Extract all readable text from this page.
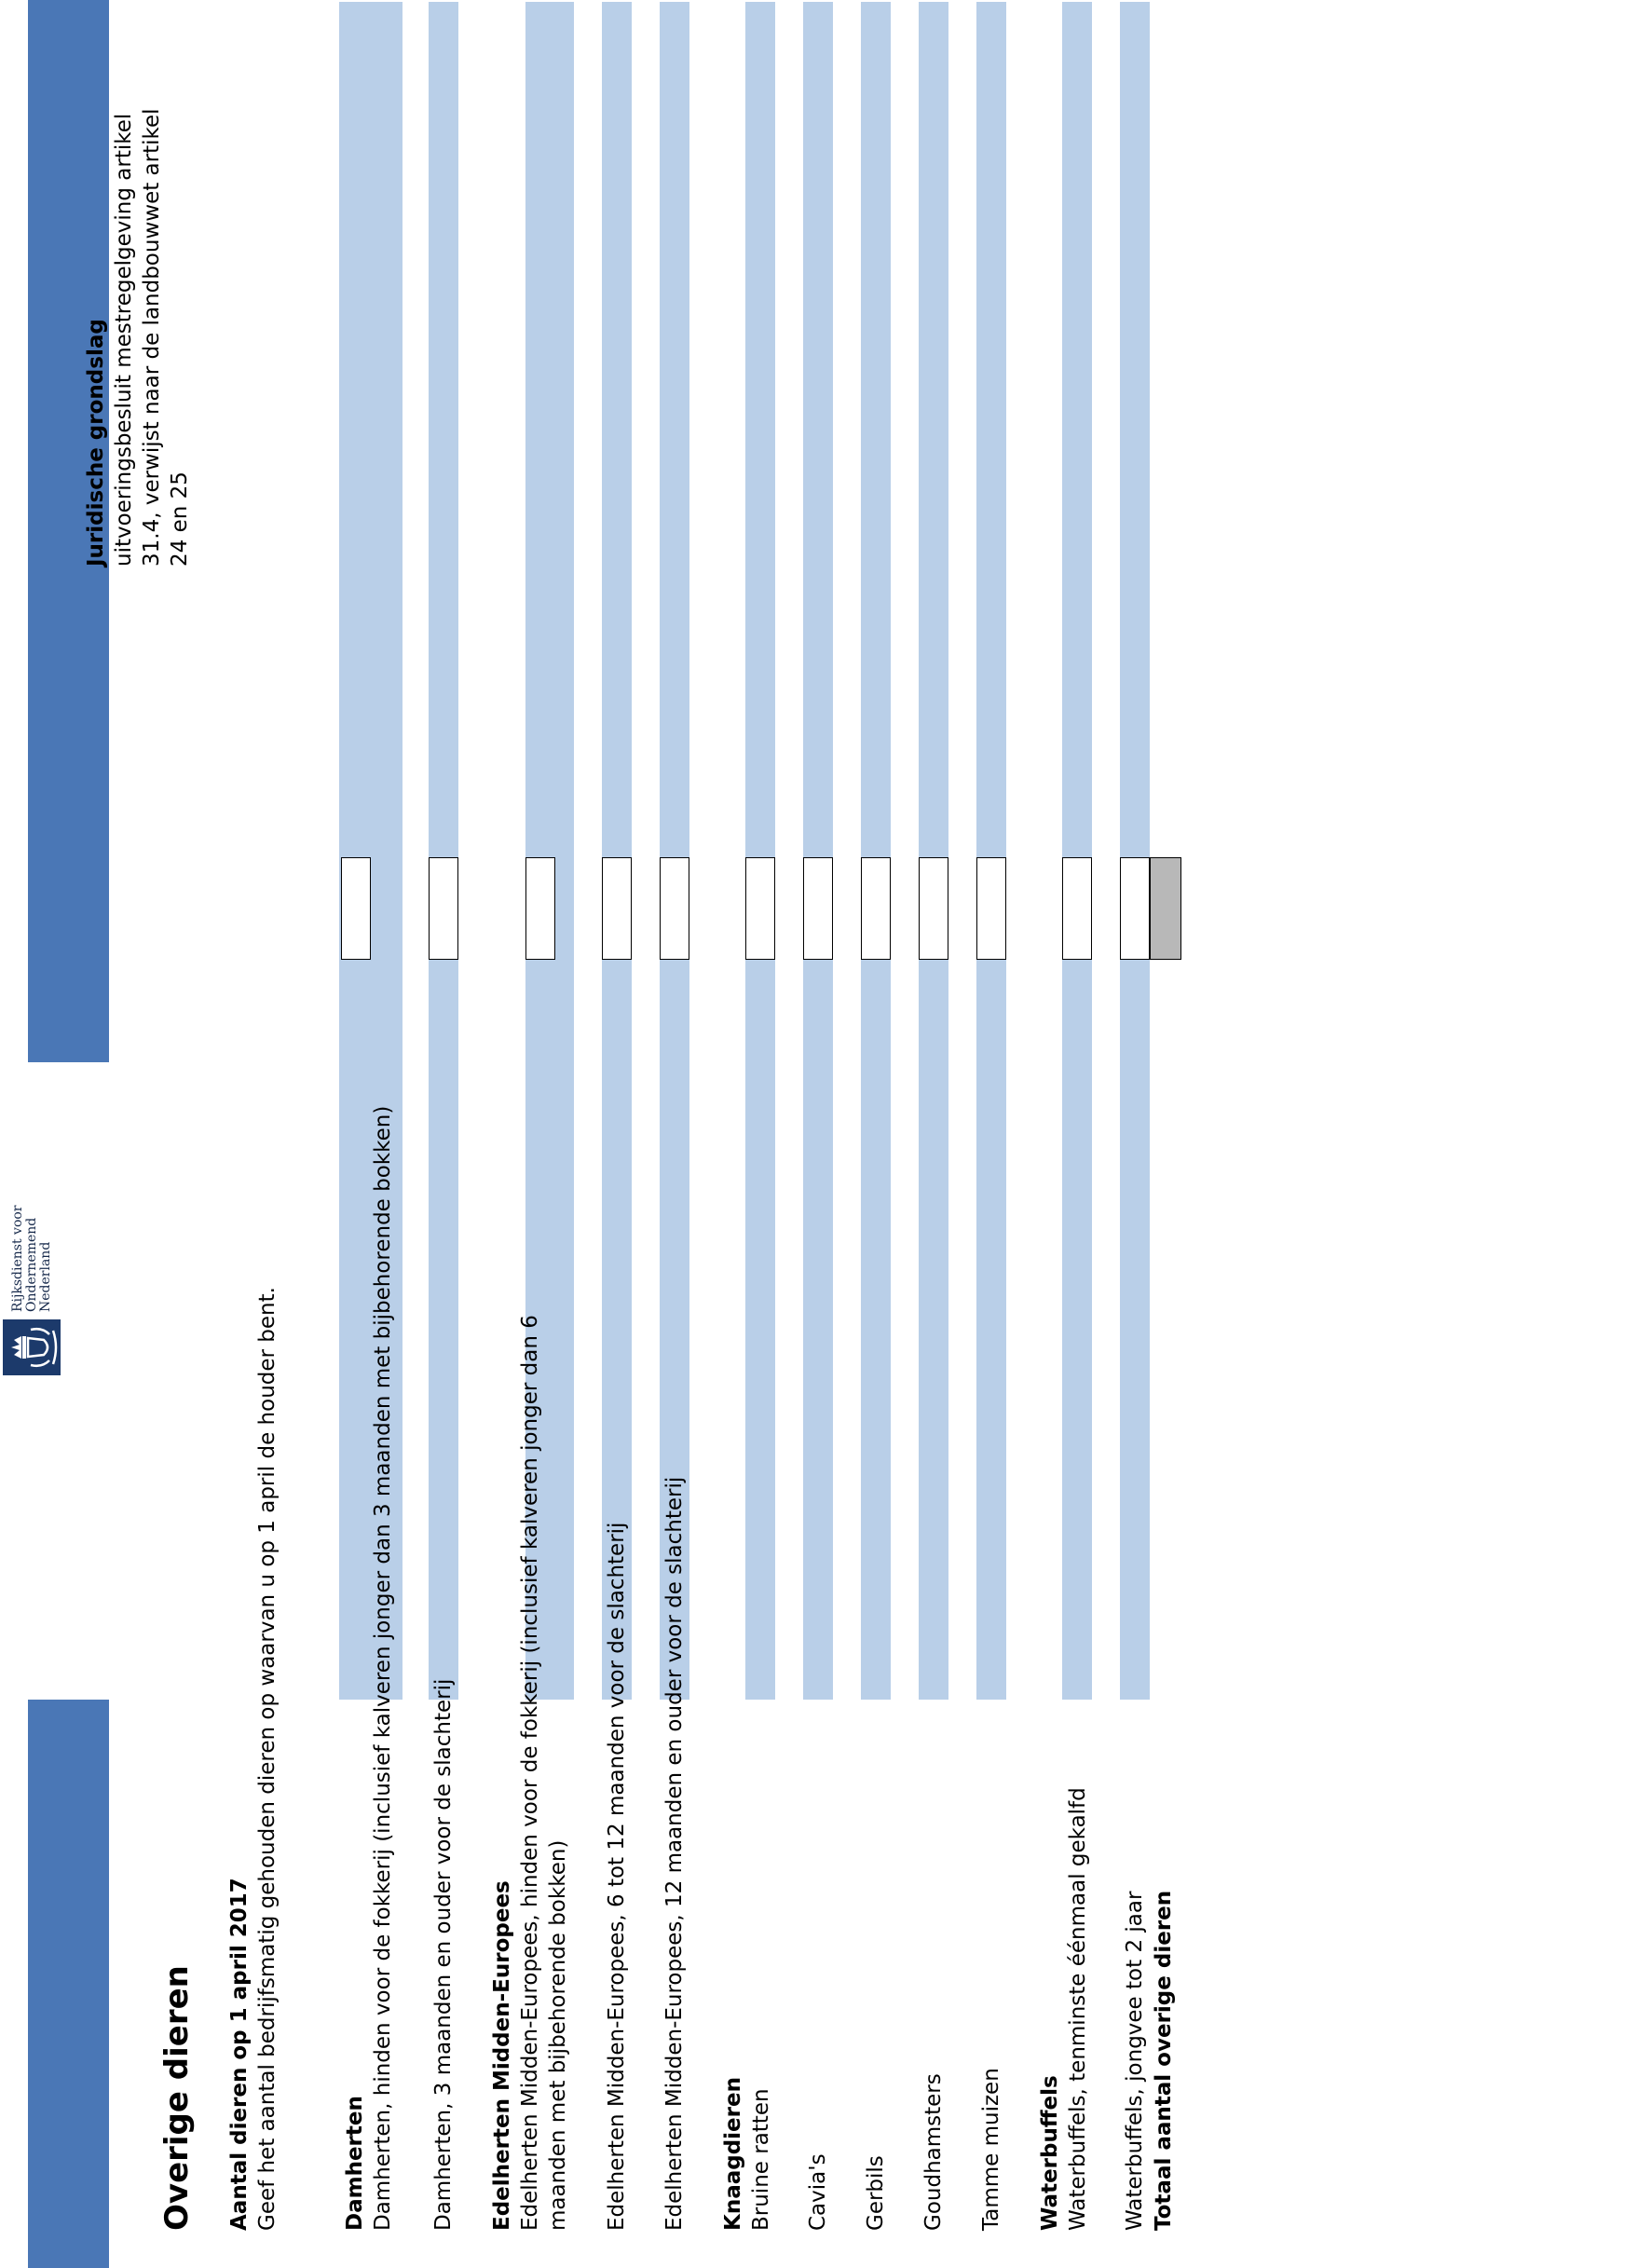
Rijksdienst voor Ondernemend Nederland
Overige dieren Aantal dieren op 1 april 2017 Geef het aantal bedrijfsmatig gehouden dieren op waarvan u op 1 april de houder bent.
Juridische grondslag uitvoeringsbesluit mestregelgeving artikel 31.4, verwijst naar de landbouwwet artikel 24 en 25
Damherten Damherten, hinden voor de fokkerij (inclusief kalveren jonger dan 3 maanden met bijbehorende bokken) Damherten, 3 maanden en ouder voor de slachterij Edelherten Midden-Europees Edelherten Midden-Europees, hinden voor de fokkerij (inclusief kalveren jonger dan 6 maanden met bijbehorende bokken) Edelherten Midden-Europees, 6 tot 12 maanden voor de slachterij Edelherten Midden-Europees, 12 maanden en ouder voor de slachterij Knaagdieren Bruine ratten Cavia's Gerbils Goudhamsters Tamme muizen Waterbuffels Waterbuffels, tenminste éénmaal gekalfd Waterbuffels, jongvee tot 2 jaar Totaal aantal overige dieren
